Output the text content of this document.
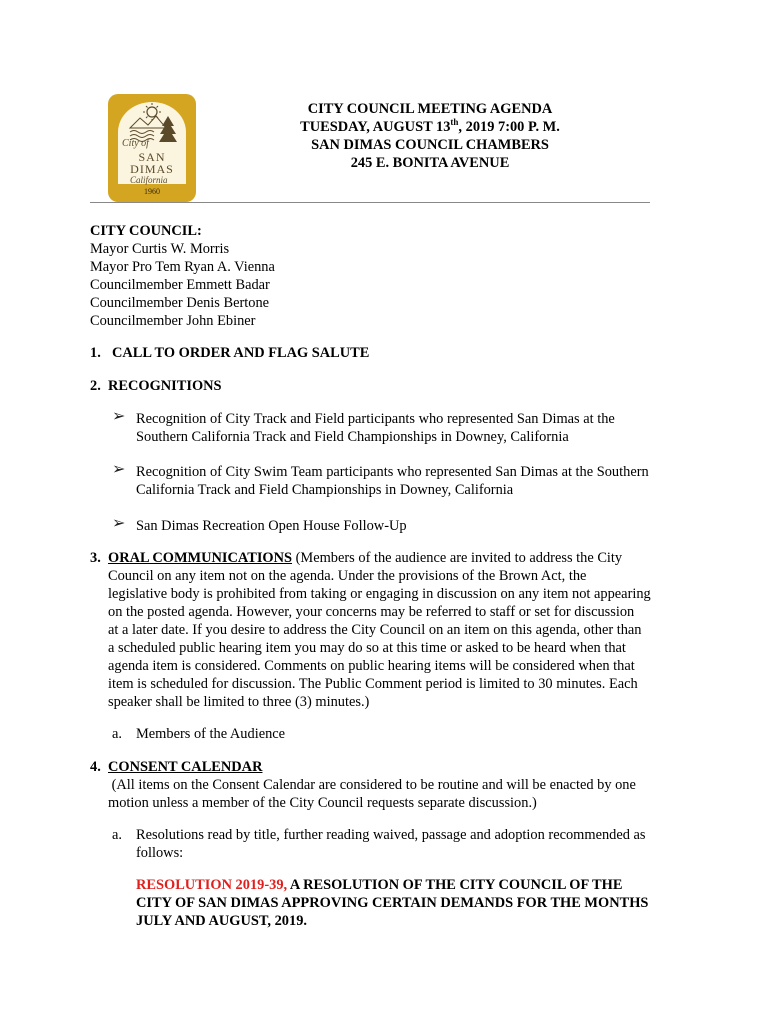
City of
SAN
DIMAS
California
1960
CITY COUNCIL MEETING AGENDA
TUESDAY, AUGUST 13th, 2019 7:00 P. M.
SAN DIMAS COUNCIL CHAMBERS
245 E. BONITA AVENUE
CITY COUNCIL:
Mayor Curtis W. Morris
Mayor Pro Tem Ryan A. Vienna
Councilmember Emmett Badar
Councilmember Denis Bertone
Councilmember John Ebiner
1. CALL TO ORDER AND FLAG SALUTE
2. RECOGNITIONS
➢ Recognition of City Track and Field participants who represented San Dimas at the
Southern California Track and Field Championships in Downey, California
➢ Recognition of City Swim Team participants who represented San Dimas at the Southern
California Track and Field Championships in Downey, California
➢ San Dimas Recreation Open House Follow-Up
3. ORAL COMMUNICATIONS (Members of the audience are invited to address the City
Council on any item not on the agenda. Under the provisions of the Brown Act, the
legislative body is prohibited from taking or engaging in discussion on any item not appearing
on the posted agenda. However, your concerns may be referred to staff or set for discussion
at a later date. If you desire to address the City Council on an item on this agenda, other than
a scheduled public hearing item you may do so at this time or asked to be heard when that
agenda item is considered. Comments on public hearing items will be considered when that
item is scheduled for discussion. The Public Comment period is limited to 30 minutes. Each
speaker shall be limited to three (3) minutes.)
a. Members of the Audience
4. CONSENT CALENDAR
(All items on the Consent Calendar are considered to be routine and will be enacted by one
motion unless a member of the City Council requests separate discussion.)
a. Resolutions read by title, further reading waived, passage and adoption recommended as
follows:
RESOLUTION 2019-39, A RESOLUTION OF THE CITY COUNCIL OF THE
CITY OF SAN DIMAS APPROVING CERTAIN DEMANDS FOR THE MONTHS
JULY AND AUGUST, 2019.
